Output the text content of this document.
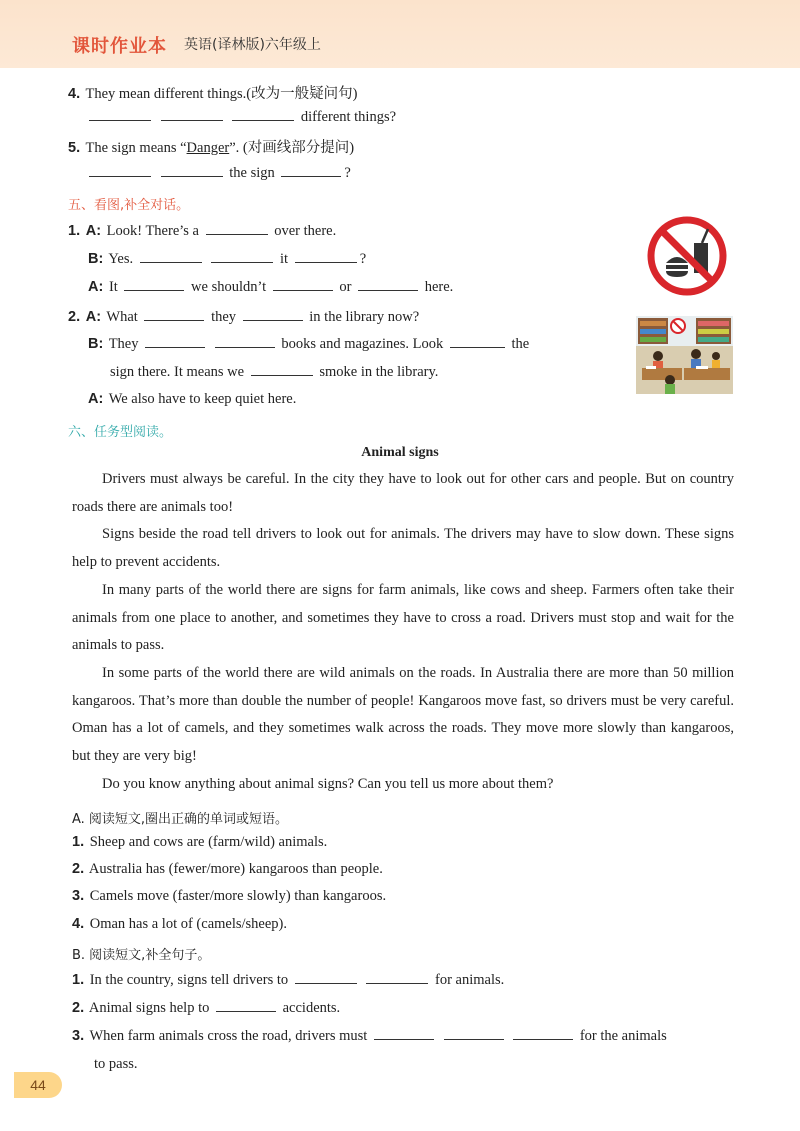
课时作业本 英语(译林版)六年级上
4. They mean different things.(改为一般疑问句)
different things?
5. The sign means “Danger”. (对画线部分提问)
the sign	?
五、看图,补全对话。
1. A: Look! There’s a	over there.
B: Yes.	it	?
A: It	we shouldn’t	or	here.
2. A: What	they	in the library now?
B: They	books and magazines. Look	the
sign there. It means we	smoke in the library.
A: We also have to keep quiet here.
六、任务型阅读。
Animal signs
Drivers must always be careful. In the city they have to look out for other cars and people. But on country roads there are animals too!
Signs beside the road tell drivers to look out for animals. The drivers may have to slow down. These signs help to prevent accidents.
In many parts of the world there are signs for farm animals, like cows and sheep. Farmers often take their animals from one place to another, and sometimes they have to cross a road. Drivers must stop and wait for the animals to pass.
In some parts of the world there are wild animals on the roads. In Australia there are more than 50 million kangaroos. That’s more than double the number of people! Kangaroos move fast, so drivers must be very careful. Oman has a lot of camels, and they sometimes walk across the roads. They move more slowly than kangaroos, but they are very big!
Do you know anything about animal signs? Can you tell us more about them?
A. 阅读短文,圈出正确的单词或短语。
1. Sheep and cows are (farm/wild) animals.
2. Australia has (fewer/more) kangaroos than people.
3. Camels move (faster/more slowly) than kangaroos.
4. Oman has a lot of (camels/sheep).
B. 阅读短文,补全句子。
1. In the country, signs tell drivers to	for animals.
2. Animal signs help to	accidents.
3. When farm animals cross the road, drivers must	for the animals
to pass.
44
